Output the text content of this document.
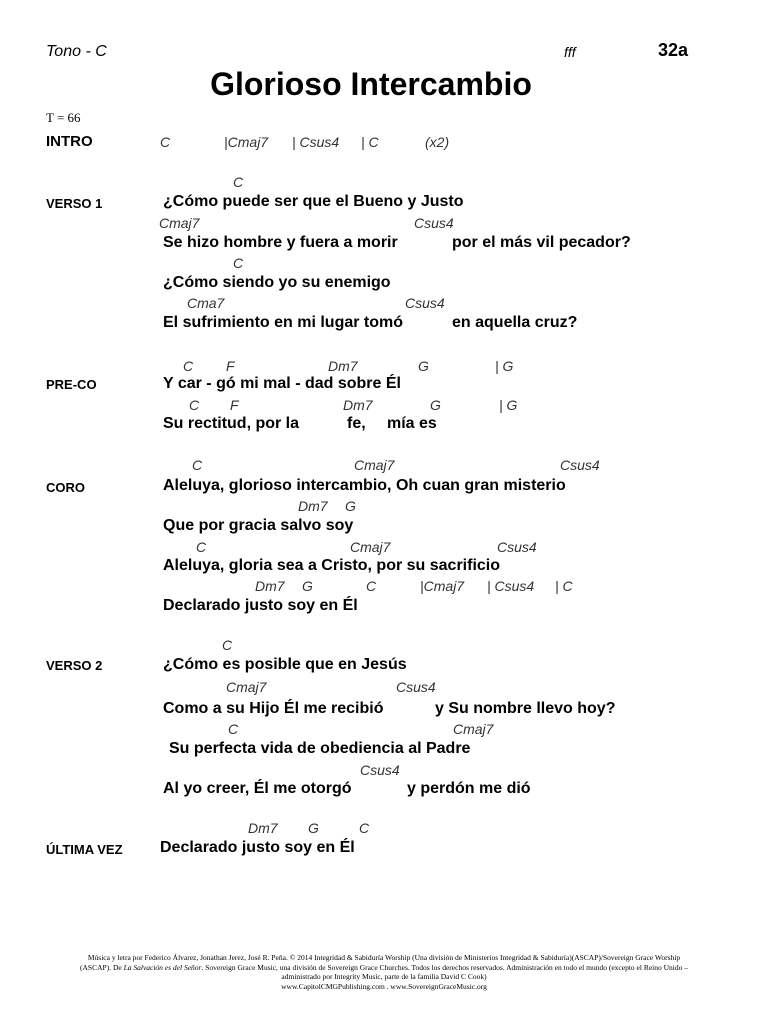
Tono - C	fff	32a
Glorioso Intercambio
T = 66
INTRO	C	|Cmaj7 | Csus4 | C	(x2)
VERSO 1
C
¿Cómo puede ser que el Bueno y Justo
Cmaj7	Csus4
Se hizo hombre y fuera a morir	por el más vil pecador?
C
¿Cómo siendo yo su enemigo
Cma7	Csus4
El sufrimiento en mi lugar tomó	en aquella cruz?
PRE-CO
C F	Dm7	G	| G
Y car - gó mi mal - dad sobre Él
C F	Dm7	G	| G
Su rectitud, por la	fe, mía es
CORO
C	Cmaj7	Csus4
Aleluya, glorioso intercambio, Oh cuan gran misterio
Dm7 G
Que por gracia salvo soy
C	Cmaj7	Csus4
Aleluya, gloria sea a Cristo, por su sacrificio
Dm7 G	C	|Cmaj7 | Csus4 | C
Declarado justo soy en Él
VERSO 2
C
¿Cómo es posible que en Jesús
Cmaj7	Csus4
Como a su Hijo Él me recibió	y Su nombre llevo hoy?
C	Cmaj7
Su perfecta vida de obediencia al Padre
Csus4
Al yo creer, Él me otorgó	y perdón me dió
ÚLTIMA VEZ
Dm7 G	C
Declarado justo soy en Él
Música y letra por Federico Álvarez, Jonathan Jerez, José R. Peña. © 2014 Integridad & Sabiduría Worship (Una división de Ministerios Integridad & Sabiduría)(ASCAP)/Sovereign Grace Worship (ASCAP). De La Salvación es del Señor. Sovereign Grace Music, una división de Sovereign Grace Churches. Todos los derechos reservados. Administración en todo el mundo (excepto el Reino Unido – administrado por Integrity Music, parte de la familia David C Cook)
www.CapitolCMGPublishing.com . www.SovereignGraceMusic.org
